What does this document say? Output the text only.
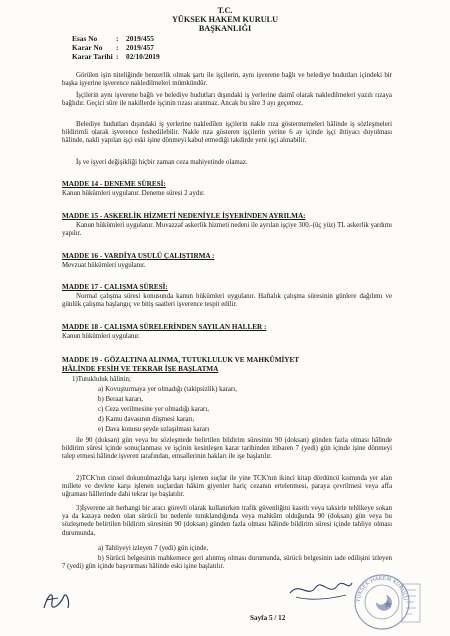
T.C.
YÜKSEK HAKEM KURULU
BAŞKANLIĞI
Esas No	:	2019/455
Karar No	:	2019/457
Karar Tarihi :	02/10/2019
Görülen işin niteliğinde benzerlik olmak şartı ile işçilerin, aynı işverene bağlı ve belediye hudutları içindeki bir başka işyerine işverence nakledilmeleri mümkündür.
İşçilerin aynı işverene bağlı ve belediye hudutları dışındaki iş yerlerine daimî olarak nakledilmeleri yazılı rızaya bağlıdır. Geçici süre ile nakillerde işçinin rızası aranmaz. Ancak bu süre 3 ayı geçemez.
Belediye hudutları dışındaki iş yerlerine nakledilen işçilerin nakle rıza göstermemeleri hâlinde iş sözleşmeleri bildirimli olarak işverence feshedilebilir. Nakle rıza gösteren işçilerin yerine 6 ay içinde işçi ihtiyacı duyulması hâlinde, nakli yapılan işçi eski işine dönmeyi kabul etmediği takdirde yeni işçi alınabilir.
İş ve işyeri değişikliği hiçbir zaman ceza mahiyetinde olamaz.
MADDE 14 - DENEME SÜRESİ:
Kanun hükümleri uygulanır. Deneme süresi 2 aydır.
MADDE 15 - ASKERLİK HİZMETİ NEDENİYLE İŞYERİNDEN AYRILMA:
Kanun hükümleri uygulanır. Muvazzaf askerlik hizmeti nedeni ile ayrılan işçiye 300.-(üç yüz) TL askerlik yardımı yapılır.
MADDE 16 - VARDİYA USULÜ ÇALIŞTIRMA :
Mevzuat hükümleri uygulanır.
MADDE 17 - ÇALIŞMA SÜRESİ:
Normal çalışma süresi konusunda kanun hükümleri uygulanır. Haftalık çalışma süresinin günlere dağılımı ve günlük çalışma başlangıç ve bitiş saatleri işverence tespit edilir.
MADDE 18 - ÇALIŞMA SÜRELERİNDEN SAYILAN HALLER :
Kanun hükümleri uygulanır.
MADDE 19 - GÖZALTINA ALINMA, TUTUKLULUK VE MAHKÛMİYET
HÂLİNDE FESİH VE TEKRAR İŞE BAŞLATMA
1)Tutukluluk hâlinin;
a) Kovuşturmaya yer olmadığı (takipsizlik) kararı,
b) Beraat kararı,
c) Ceza verilmesine yer olmadığı kararı,
d) Kamu davasının düşmesi kararı,
e) Dava konusu şeyde uzlaşılması kararı
ile 90 (doksan) gün veya bu sözleşmede belirtilen bildirim süresinin 90 (doksan) günden fazla olması hâlinde bildirim süresi içinde sonuçlanması ve işçinin kesinleşen karar tarihinden itibaren 7 (yedi) gün içinde işine dönmeyi talep etmesi hâlinde işveren tarafından, emsallerinin hakları ile işe başlatılır.
2)TCK'nın cinsel dokunulmazlığa karşı işlenen suçlar ile yine TCK'nın ikinci kitap dördüncü kısmında yer alan millete ve devlete karşı işlenen suçlardan hâkim giyenler hariç cezanın ertelenmesi, paraya çevrilmesi veya affa uğraması hâllerinde dahi tekrar işe başlatılır.
3)İşverene ait herhangi bir aracı görevli olarak kullanırken trafik güvenliğini kasıtlı veya taksirle tehlikeye sokan ya da kazaya neden olan sürücü bu nedenle tutuklandığında veya mahkûm olduğunda 90 (doksan) gün veya bu sözleşmede belirtilen bildirim süresinin 90 (doksan) günden fazla olması hâlinde bildirim süresi içinde tahliye olması durumunda,
a) Tahliyeyi izleyen 7 (yedi) gün içinde,
b) Sürücü belgesinin mahkemece geri alınmış olması durumunda, sürücü belgesinin iade edilişini izleyen 7 (yedi) gün içinde başvurması hâlinde eski işine başlatılır.
Sayfa 5 / 12
YÜKSEK HAKEM KURULU
